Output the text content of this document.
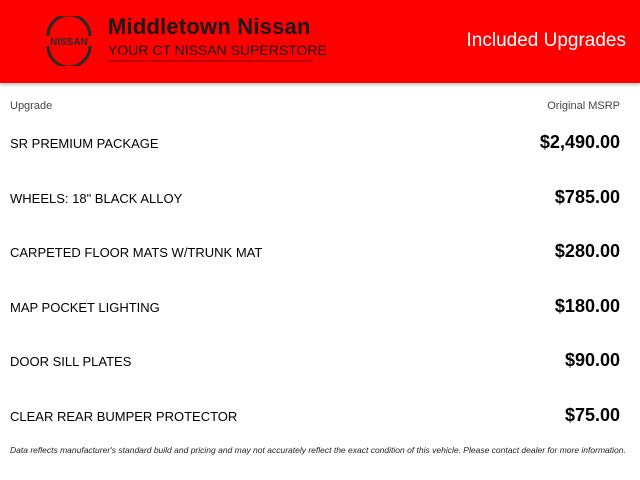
NISSAN
Middletown Nissan
YOUR CT NISSAN SUPERSTORE	Included Upgrades
Upgrade	Original MSRP
SR PREMIUM PACKAGE	$2,490.00
WHEELS: 18" BLACK ALLOY	$785.00
CARPETED FLOOR MATS W/TRUNK MAT	$280.00
MAP POCKET LIGHTING	$180.00
DOOR SILL PLATES	$90.00
CLEAR REAR BUMPER PROTECTOR	$75.00
Data reflects manufacturer's standard build and pricing and may not accurately reflect the exact condition of this vehicle. Please contact dealer for more information.
